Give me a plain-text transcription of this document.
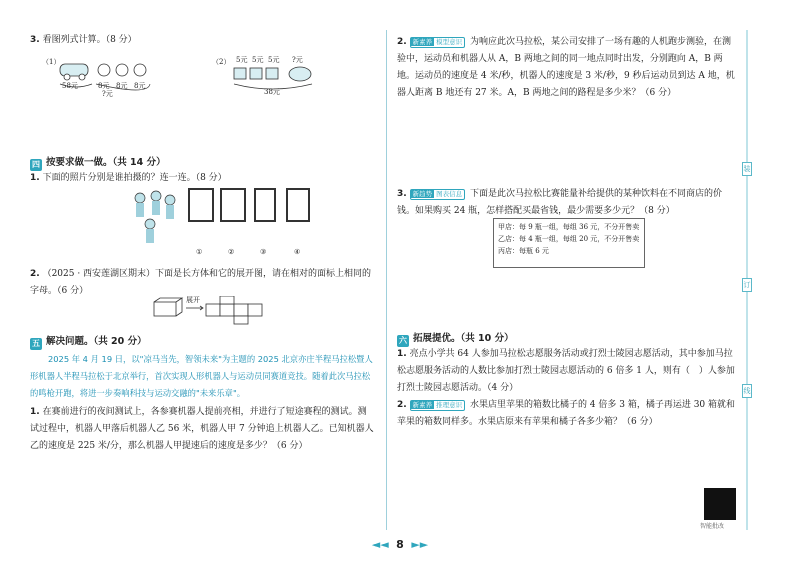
装
订
线
3. 看图列式计算。（8 分）
（1）
58元	8元 8元 8元
?元
（2） 5元 5元 5元 ?元
38元
四 按要求做一做。（共 14 分）
1. 下面的照片分别是谁拍摄的？连一连。（8 分）
①	②	③	④
2. （2025 · 西安莲湖区期末）下面是长方体和它的展开图，请在相对的面标上相同的字母。（6 分）
展开
五 解决问题。（共 20 分）
2025 年 4 月 19 日，以"凉马当先，智领未来"为主题的 2025 北京亦庄半程马拉松暨人形机器人半程马拉松于北京举行，首次实现人形机器人与运动员同赛道竞技。随着此次马拉松的鸣枪开跑，将进一步奏响科技与运动交融的"未来乐章"。
1. 在赛前进行的夜间测试上，各参赛机器人提前亮相，并进行了短途赛程的测试。测试过程中，机器人甲落后机器人乙 56 米，机器人甲 7 分钟追上机器人乙。已知机器人乙的速度是 225 米/分，那么机器人甲提速后的速度是多少？（6 分）
2. 新素养 模型意识 为响应此次马拉松，某公司安排了一场有趣的人机跑步测验，在测验中，运动员和机器人从 A，B 两地之间的同一地点同时出发，分别跑向 A，B 两地。运动员的速度是 4 米/秒，机器人的速度是 3 米/秒，9 秒后运动员到达 A 地，机器人距离 B 地还有 27 米。A，B 两地之间的路程是多少米？（6 分）
3. 新趋势 图表信息 下面是此次马拉松比赛能量补给提供的某种饮料在不同商店的价钱。如果购买 24 瓶，怎样搭配买最省钱，最少需要多少元？（8 分）
甲店：每 9 瓶一组，每组 36 元，不分开售卖
乙店：每 4 瓶一组，每组 20 元，不分开售卖
丙店：每瓶 6 元
六 拓展提优。（共 10 分）
1. 亮点小学共 64 人参加马拉松志愿服务活动或打烈士陵园志愿活动，其中参加马拉松志愿服务活动的人数比参加打烈士陵园志愿活动的 6 倍多 1 人，则有（　）人参加打烈士陵园志愿活动。（4 分）
2. 新素养 推理意识 水果店里苹果的箱数比橘子的 4 倍多 3 箱，橘子再运进 30 箱就和苹果的箱数同样多。水果店原来有苹果和橘子各多少箱？（6 分）
智能批改
◄◄ 8 ►►
